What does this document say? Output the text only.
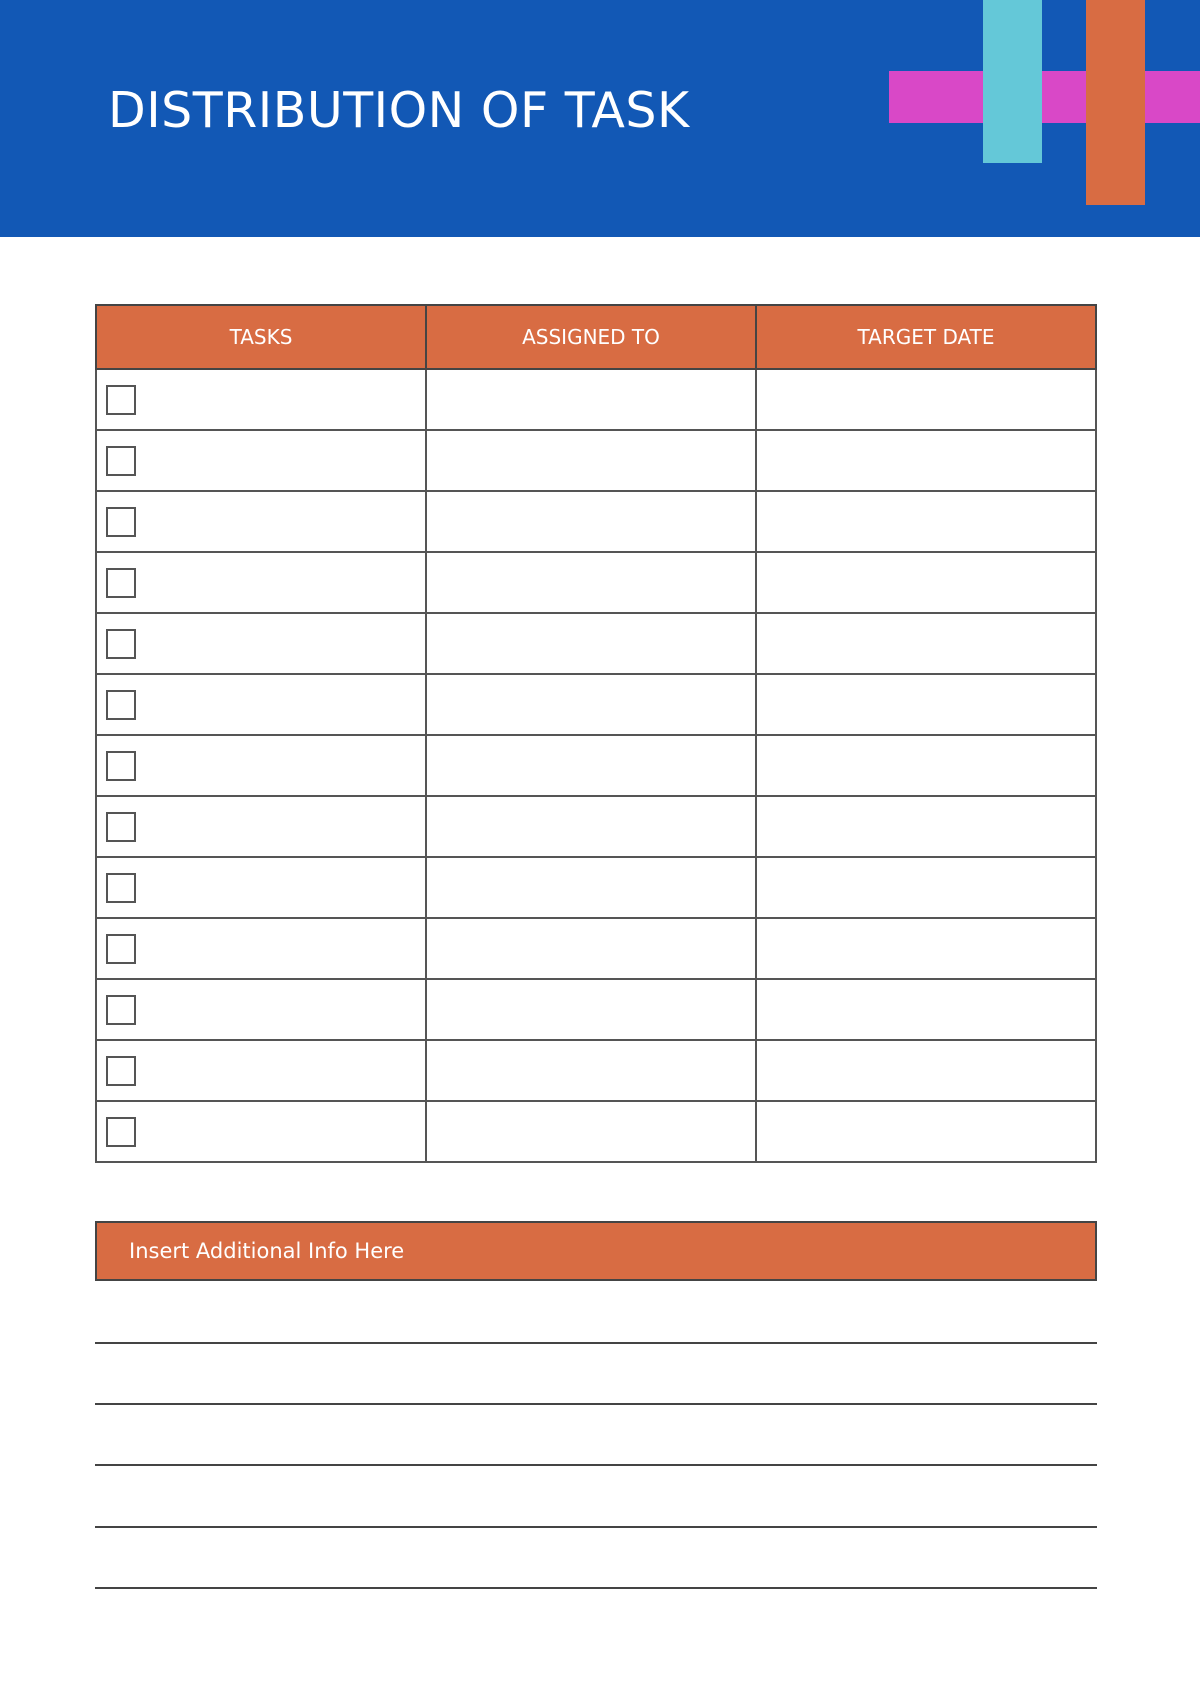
DISTRIBUTION OF TASK
TASKS	ASSIGNED TO	TARGET DATE

Insert Additional Info Here
